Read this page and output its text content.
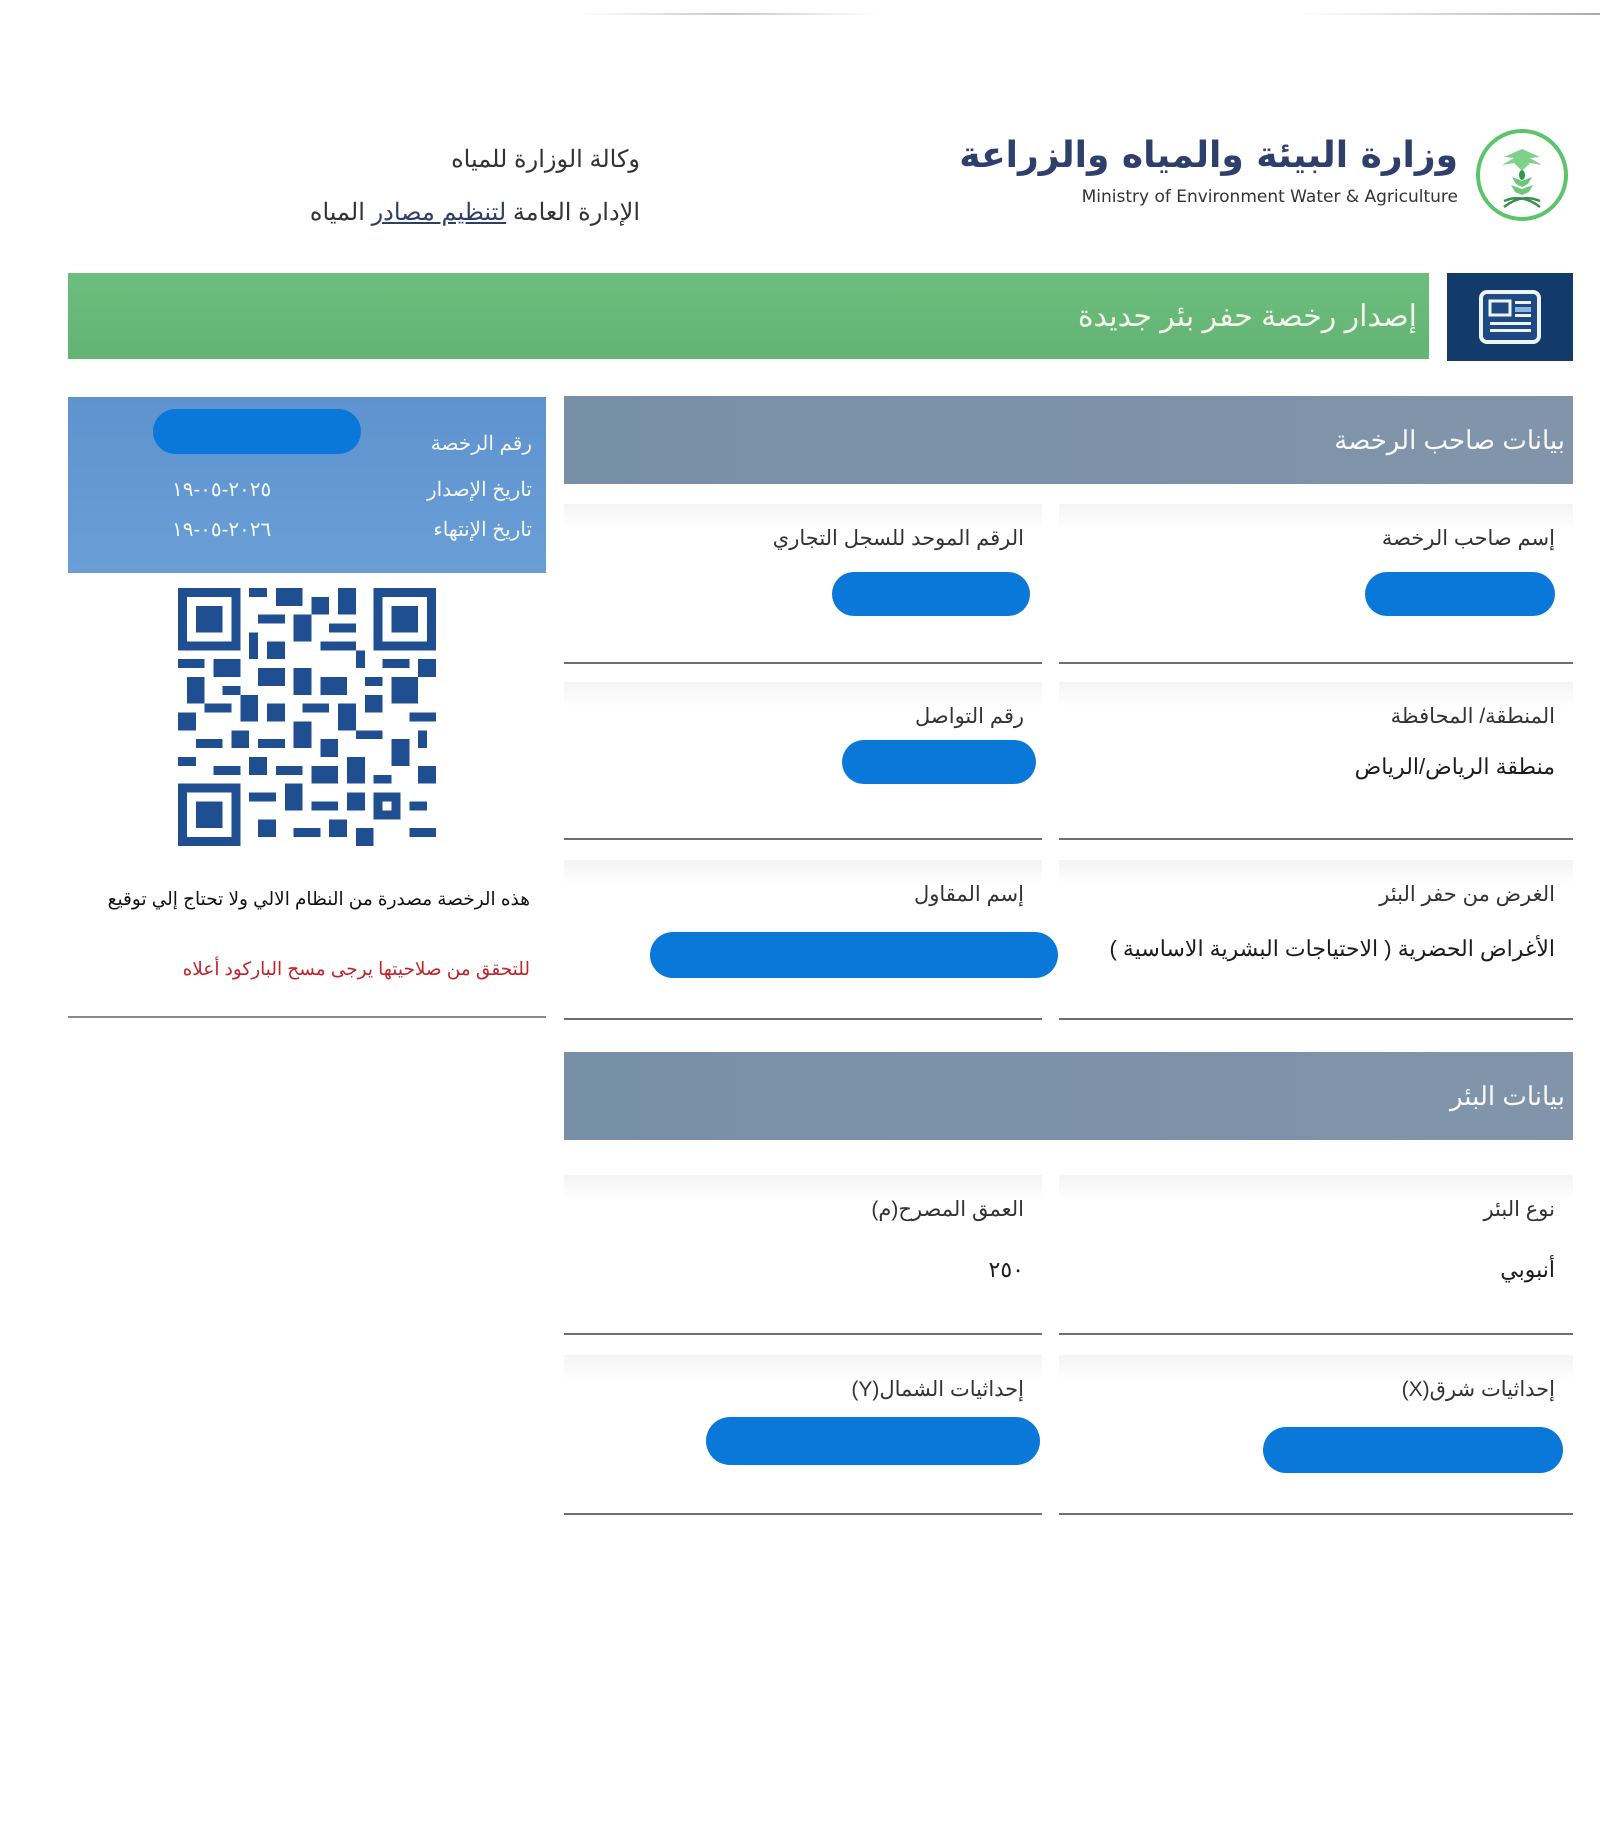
وزارة البيئة والمياه والزراعة
Ministry of Environment Water & Agriculture
وكالة الوزارة للمياه
الإدارة العامة لتنظيم مصادر المياه
إصدار رخصة حفر بئر جديدة
رقم الرخصة
تاريخ الإصدار
٢٠٢٥-٠٥-١٩
تاريخ الإنتهاء
٢٠٢٦-٠٥-١٩
هذه الرخصة مصدرة من النظام الالي ولا تحتاج إلي توقيع
للتحقق من صلاحيتها يرجى مسح الباركود أعلاه
بيانات صاحب الرخصة
إسم صاحب الرخصة
الرقم الموحد للسجل التجاري
المنطقة/ المحافظة
منطقة الرياض/الرياض
رقم التواصل
الغرض من حفر البئر
الأغراض الحضرية ( الاحتياجات البشرية الاساسية )
إسم المقاول
بيانات البئر
نوع البئر
أنبوبي
العمق المصرح(م)
٢٥٠
إحداثيات شرق(X)
إحداثيات الشمال(Y)
